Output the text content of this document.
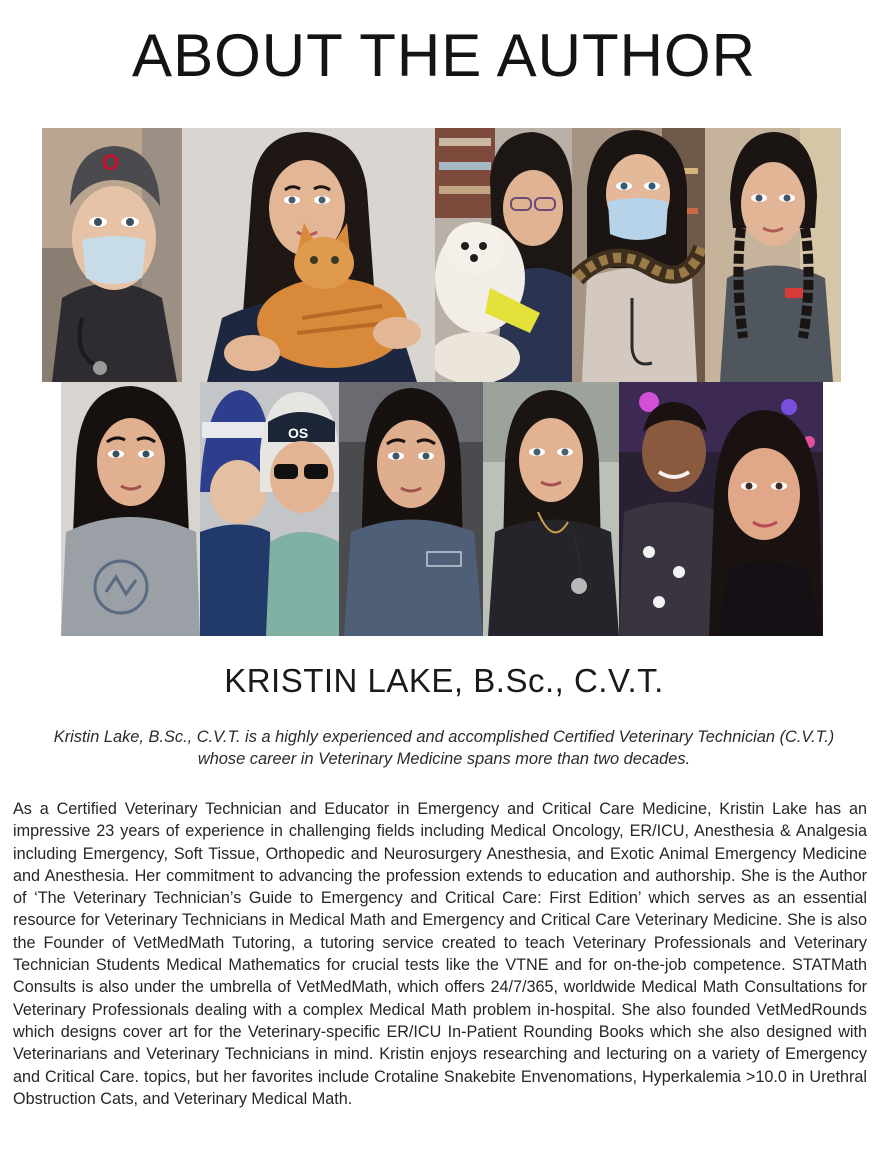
ABOUT THE AUTHOR
O
OS
KRISTIN LAKE, B.Sc., C.V.T.

Kristin Lake, B.Sc., C.V.T. is a highly experienced and accomplished Certified Veterinary Technician (C.V.T.) whose career in Veterinary Medicine spans more than two decades.

As a Certified Veterinary Technician and Educator in Emergency and Critical Care Medicine, Kristin Lake has an impressive 23 years of experience in challenging fields including Medical Oncology, ER/ICU, Anesthesia & Analgesia including Emergency, Soft Tissue, Orthopedic and Neurosurgery Anesthesia, and Exotic Animal Emergency Medicine and Anesthesia. Her commitment to advancing the profession extends to education and authorship. She is the Author of ‘The Veterinary Technician’s Guide to Emergency and Critical Care: First Edition’ which serves as an essential resource for Veterinary Technicians in Medical Math and Emergency and Critical Care Veterinary Medicine. She is also the Founder of VetMedMath Tutoring, a tutoring service created to teach Veterinary Professionals and Veterinary Technician Students Medical Mathematics for crucial tests like the VTNE and for on-the-job competence. STATMath Consults is also under the umbrella of VetMedMath, which offers 24/7/365, worldwide Medical Math Consultations for Veterinary Professionals dealing with a complex Medical Math problem in-hospital. She also founded VetMedRounds which designs cover art for the Veterinary-specific ER/ICU In-Patient Rounding Books which she also designed with Veterinarians and Veterinary Technicians in mind. Kristin enjoys researching and lecturing on a variety of Emergency and Critical Care. topics, but her favorites include Crotaline Snakebite Envenomations, Hyperkalemia >10.0 in Urethral Obstruction Cats, and Veterinary Medical Math.
